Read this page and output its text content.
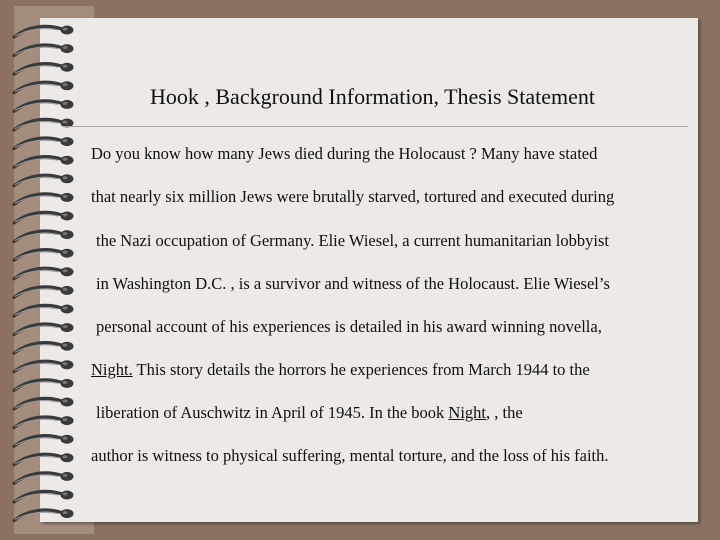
Hook , Background Information, Thesis Statement
Do you know how many Jews died during the Holocaust ? Many have stated
that nearly six million Jews were brutally starved, tortured and executed during
the Nazi occupation of Germany. Elie Wiesel, a current humanitarian lobbyist
in Washington D.C. , is a survivor and witness of the Holocaust. Elie Wiesel’s
personal account of his experiences is detailed in his award winning novella,
Night. This story details the horrors he experiences from March 1944 to the
liberation of Auschwitz in April of 1945. In the book Night, , the
author is witness to physical suffering, mental torture, and the loss of his faith.
